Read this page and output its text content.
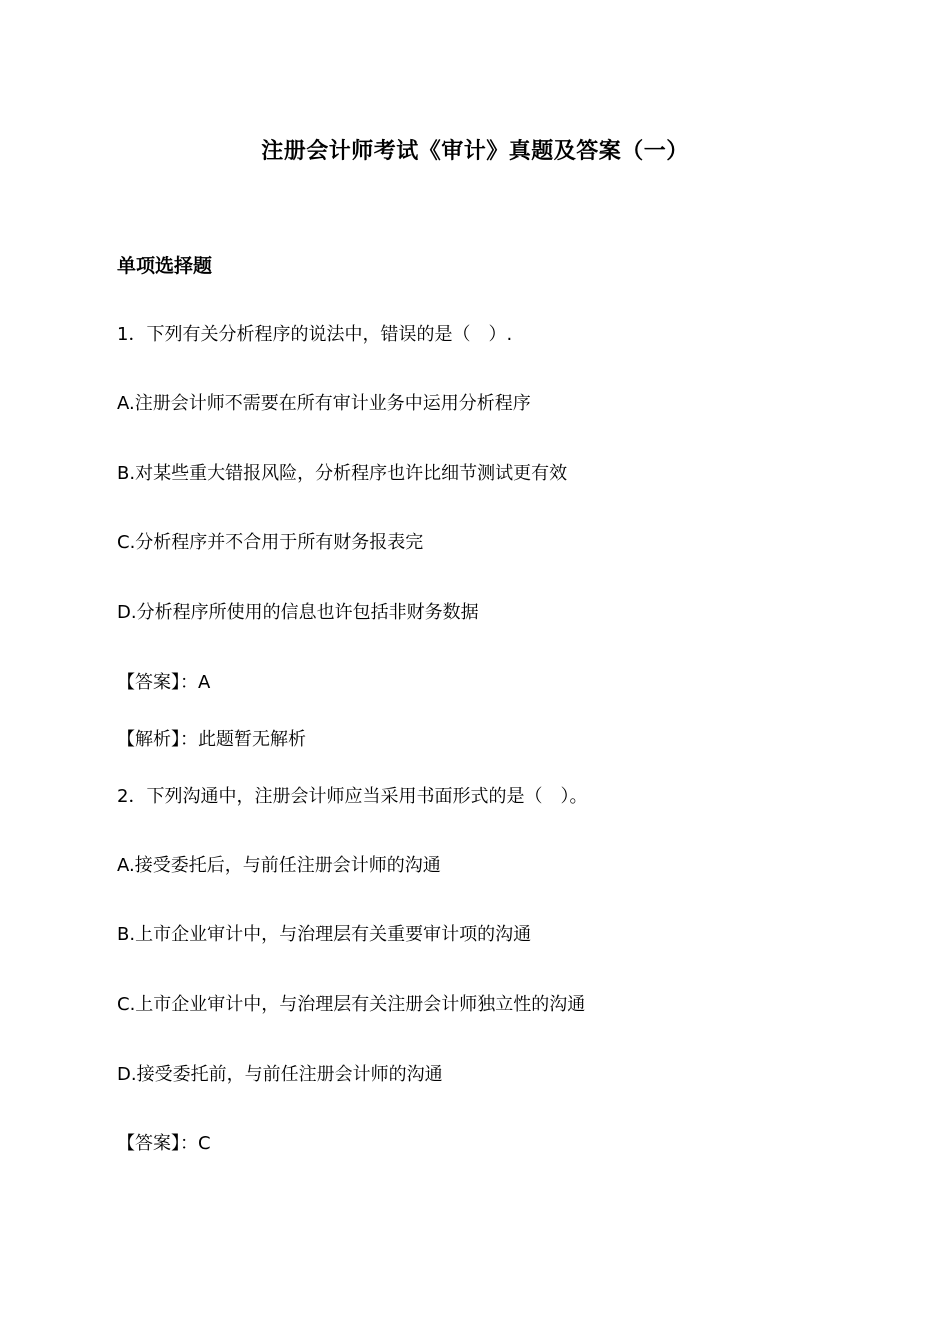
注册会计师考试《审计》真题及答案（一）
单项选择题
1．下列有关分析程序的说法中，错误的是（　）.
A.注册会计师不需要在所有审计业务中运用分析程序
B.对某些重大错报风险，分析程序也许比细节测试更有效
C.分析程序并不合用于所有财务报表完
D.分析程序所使用的信息也许包括非财务数据
【答案】：A
【解析】：此题暂无解析
2．下列沟通中，注册会计师应当采用书面形式的是（　）。
A.接受委托后，与前任注册会计师的沟通
B.上市企业审计中，与治理层有关重要审计项的沟通
C.上市企业审计中，与治理层有关注册会计师独立性的沟通
D.接受委托前，与前任注册会计师的沟通
【答案】：C
